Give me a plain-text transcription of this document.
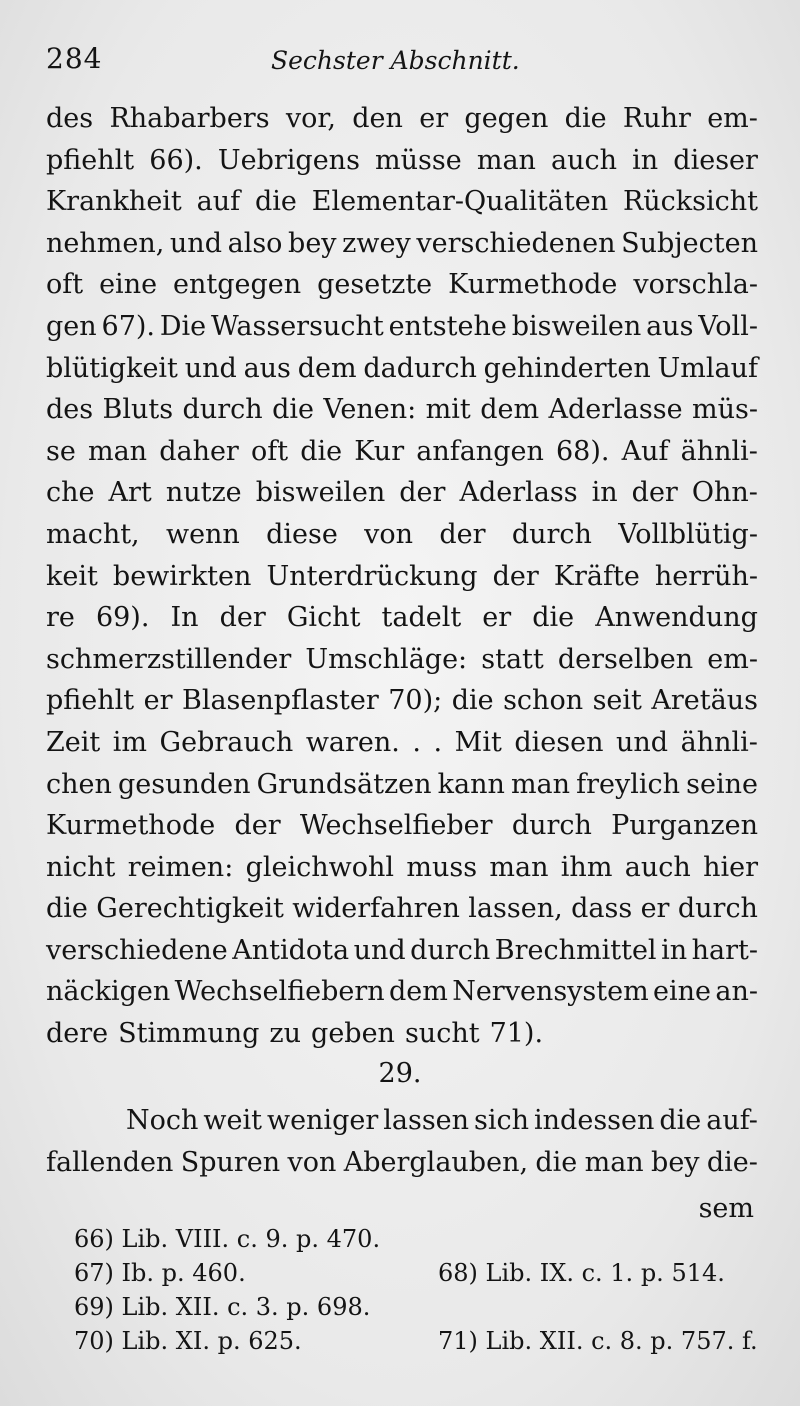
284	Sechster Abschnitt.
des Rhabarbers vor, den er gegen die Ruhr em-
pfiehlt 66). Uebrigens müsse man auch in dieser
Krankheit auf die Elementar-Qualitäten Rücksicht
nehmen, und also bey zwey verschiedenen Subjecten
oft eine entgegen gesetzte Kurmethode vorschla-
gen 67). Die Wassersucht entstehe bisweilen aus Voll-
blütigkeit und aus dem dadurch gehinderten Umlauf
des Bluts durch die Venen: mit dem Aderlasse müs-
se man daher oft die Kur anfangen 68). Auf ähnli-
che Art nutze bisweilen der Aderlass in der Ohn-
macht, wenn diese von der durch Vollblütig-
keit bewirkten Unterdrückung der Kräfte herrüh-
re 69). In der Gicht tadelt er die Anwendung
schmerzstillender Umschläge: statt derselben em-
pfiehlt er Blasenpflaster 70); die schon seit Aretäus
Zeit im Gebrauch waren. . . Mit diesen und ähnli-
chen gesunden Grundsätzen kann man freylich seine
Kurmethode der Wechselfieber durch Purganzen
nicht reimen: gleichwohl muss man ihm auch hier
die Gerechtigkeit widerfahren lassen, dass er durch
verschiedene Antidota und durch Brechmittel in hart-
näckigen Wechselfiebern dem Nervensystem eine an-
dere Stimmung zu geben sucht 71).
29.
Noch weit weniger lassen sich indessen die auf-
fallenden Spuren von Aberglauben, die man bey die-
sem
66) Lib. VIII. c. 9. p. 470.
67) Ib. p. 460.	68) Lib. IX. c. 1. p. 514.
69) Lib. XII. c. 3. p. 698.
70) Lib. XI. p. 625.	71) Lib. XII. c. 8. p. 757. f.
